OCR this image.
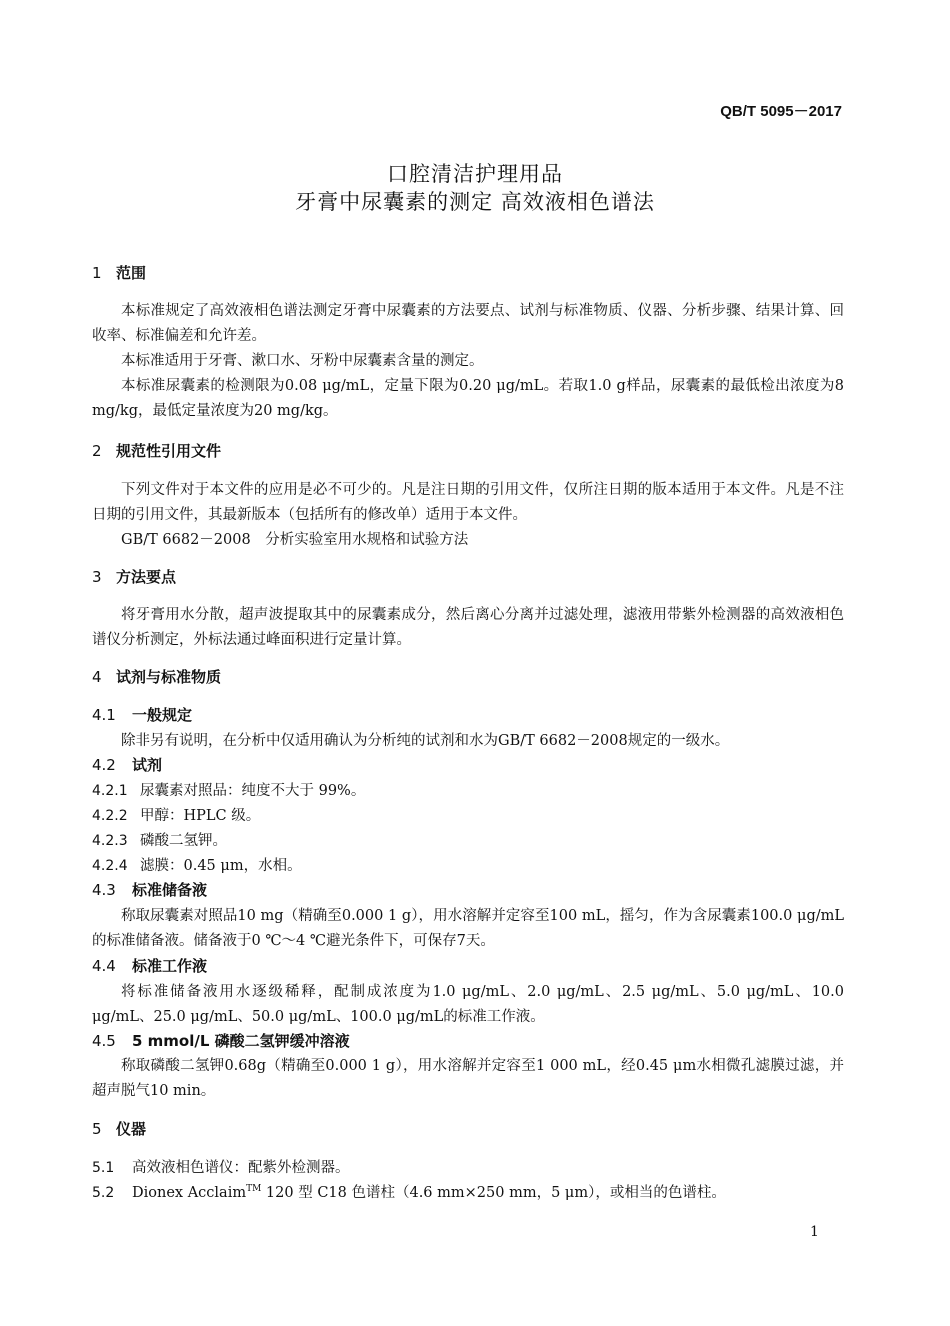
QB/T 5095－2017
口腔清洁护理用品
牙膏中尿囊素的测定 高效液相色谱法
1 范围
本标准规定了高效液相色谱法测定牙膏中尿囊素的方法要点、试剂与标准物质、仪器、分析步骤、结果计算、回收率、标准偏差和允许差。
本标准适用于牙膏、漱口水、牙粉中尿囊素含量的测定。
本标准尿囊素的检测限为0.08 μg/mL，定量下限为0.20 μg/mL。若取1.0 g样品，尿囊素的最低检出浓度为8 mg/kg，最低定量浓度为20 mg/kg。
2 规范性引用文件
下列文件对于本文件的应用是必不可少的。凡是注日期的引用文件，仅所注日期的版本适用于本文件。凡是不注日期的引用文件，其最新版本（包括所有的修改单）适用于本文件。
GB/T 6682－2008　分析实验室用水规格和试验方法
3 方法要点
将牙膏用水分散，超声波提取其中的尿囊素成分，然后离心分离并过滤处理，滤液用带紫外检测器的高效液相色谱仪分析测定，外标法通过峰面积进行定量计算。
4 试剂与标准物质
4.1 一般规定
除非另有说明，在分析中仅适用确认为分析纯的试剂和水为GB/T 6682－2008规定的一级水。
4.2 试剂
4.2.1 尿囊素对照品：纯度不大于 99%。
4.2.2 甲醇：HPLC 级。
4.2.3 磷酸二氢钾。
4.2.4 滤膜：0.45 μm，水相。
4.3 标准储备液
称取尿囊素对照品10 mg（精确至0.000 1 g），用水溶解并定容至100 mL，摇匀，作为含尿囊素100.0 μg/mL的标准储备液。储备液于0 ℃～4 ℃避光条件下，可保存7天。
4.4 标准工作液
将标准储备液用水逐级稀释，配制成浓度为1.0 μg/mL、2.0 μg/mL、2.5 μg/mL、5.0 μg/mL、10.0 μg/mL、25.0 μg/mL、50.0 μg/mL、100.0 μg/mL的标准工作液。
4.5 5 mmol/L 磷酸二氢钾缓冲溶液
称取磷酸二氢钾0.68g（精确至0.000 1 g），用水溶解并定容至1 000 mL，经0.45 μm水相微孔滤膜过滤，并超声脱气10 min。
5 仪器
5.1 高效液相色谱仪：配紫外检测器。
5.2 Dionex Acclaim™ 120 型 C18 色谱柱（4.6 mm×250 mm，5 μm），或相当的色谱柱。
1
